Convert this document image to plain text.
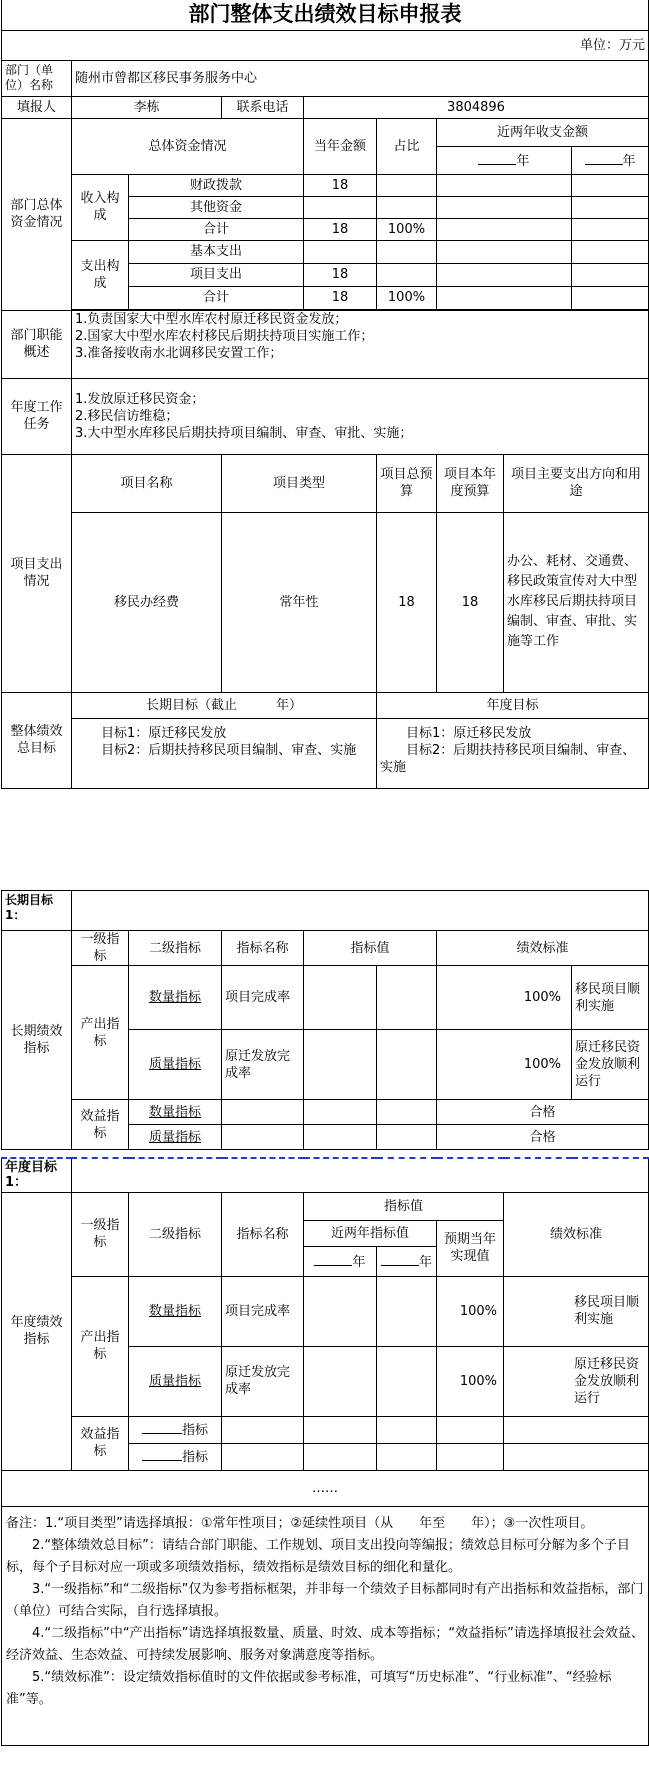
部门整体支出绩效目标申报表								
单位：万元								
部门（单位）名称	随州市曾都区移民事务服务中心							
填报人	李栋		联系电话	3804896				
部门总体资金情况	总体资金情况			当年金额	占比	近两年收支金额		
						年		年
	收入构成	财政拨款		18				
		其他资金						
		合计		18	100%			
	支出构成	基本支出						
		项目支出		18				
		合计		18	100%			

部门职能概述	1.负责国家大中型水库农村原迁移民资金发放；
2.国家大中型水库农村移民后期扶持项目实施工作；
3.准备接收南水北调移民安置工作；							
年度工作任务	1.发放原迁移民资金；
2.移民信访维稳；
3.大中型水库移民后期扶持项目编制、审查、审批、实施；							
项目支出情况	项目名称		项目类型		项目总预算	项目本年度预算	项目主要支出方向和用途	
	移民办经费		常年性		18	18	办公、耗材、交通费、移民政策宣传对大中型水库移民后期扶持项目编制、审查、审批、实施等工作	
整体绩效总目标	长期目标（截止　　　年）				年度目标			
	　　目标1：原迁移民发放
　　目标2：后期扶持移民项目编制、审查、实施				　　目标1：原迁移民发放
　　目标2：后期扶持移民项目编制、审查、实施			
长期目标1：							
长期绩效指标	一级指标	二级指标	指标名称	指标值		绩效标准	
	产出指标	数量指标	项目完成率			100%	移民项目顺利实施
		质量指标	原迁发放完成率			100%	原迁移民资金发放顺利运行
	效益指标	数量指标				合格	
		质量指标				合格	
年度目标1：							
年度绩效指标	一级指标	二级指标	指标名称	指标值			绩效标准
				近两年指标值		预期当年实现值	
				年	年		
	产出指标	数量指标	项目完成率			100%	移民项目顺利实施
		质量指标	原迁发放完成率			100%	原迁移民资金发放顺利运行
	效益指标	指标					
		指标					
……							

备注：1.“项目类型”请选择填报：①常年性项目；②延续性项目（从　　年至　　年）；③一次性项目。
　　2.“整体绩效总目标”：请结合部门职能、工作规划、项目支出投向等编报；绩效总目标可分解为多个子目标，每个子目标对应一项或多项绩效指标，绩效指标是绩效目标的细化和量化。
　　3.“一级指标”和“二级指标”仅为参考指标框架，并非每一个绩效子目标都同时有产出指标和效益指标，部门（单位）可结合实际，自行选择填报。
　　4.“二级指标”中“产出指标”请选择填报数量、质量、时效、成本等指标；“效益指标”请选择填报社会效益、经济效益、生态效益、可持续发展影响、服务对象满意度等指标。
　　5.“绩效标准”：设定绩效指标值时的文件依据或参考标准，可填写“历史标准”、“行业标准”、“经验标准”等。							
